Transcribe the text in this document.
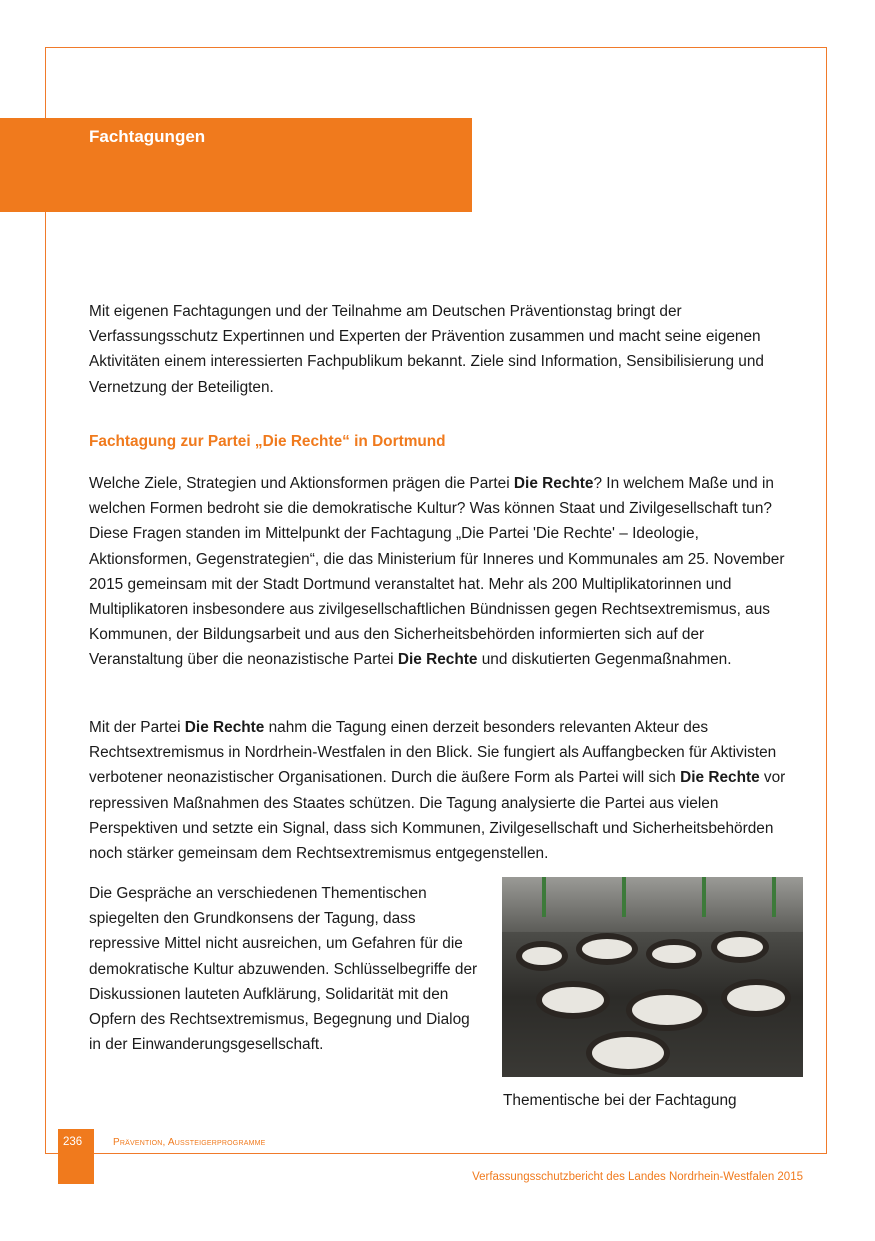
Fachtagungen

Mit eigenen Fachtagungen und der Teilnahme am Deutschen Präventionstag bringt der Verfassungsschutz Expertinnen und Experten der Prävention zusammen und macht seine eigenen Aktivitäten einem interessierten Fachpublikum bekannt. Ziele sind Information, Sensibilisierung und Vernetzung der Beteiligten.

Fachtagung zur Partei „Die Rechte“ in Dortmund

Welche Ziele, Strategien und Aktionsformen prägen die Partei Die Rechte? In welchem Maße und in welchen Formen bedroht sie die demokratische Kultur? Was können Staat und Zivilgesellschaft tun? Diese Fragen standen im Mittelpunkt der Fachtagung „Die Partei 'Die Rechte' – Ideologie, Aktionsformen, Gegenstrategien“, die das Ministerium für Inneres und Kommunales am 25. November 2015 gemeinsam mit der Stadt Dortmund veranstaltet hat. Mehr als 200 Multiplikatorinnen und Multiplikatoren insbesondere aus zivilgesellschaftlichen Bündnissen gegen Rechtsextremismus, aus Kommunen, der Bildungsarbeit und aus den Sicherheitsbehörden informierten sich auf der Veranstaltung über die neonazistische Partei Die Rechte und diskutierten Gegenmaßnahmen.

Mit der Partei Die Rechte nahm die Tagung einen derzeit besonders relevanten Akteur des Rechtsextremismus in Nordrhein-Westfalen in den Blick. Sie fungiert als Auffangbecken für Aktivisten verbotener neonazistischer Organisationen. Durch die äußere Form als Partei will sich Die Rechte vor repressiven Maßnahmen des Staates schützen. Die Tagung analysierte die Partei aus vielen Perspektiven und setzte ein Signal, dass sich Kommunen, Zivilgesellschaft und Sicherheitsbehörden noch stärker gemeinsam dem Rechtsextremismus entgegenstellen.

Die Gespräche an verschiedenen Thementischen spiegelten den Grundkonsens der Tagung, dass repressive Mittel nicht ausreichen, um Gefahren für die demokratische Kultur abzuwenden. Schlüsselbegriffe der Diskussionen lauteten Aufklärung, Solidarität mit den Opfern des Rechtsextremismus, Begegnung und Dialog in der Einwanderungsgesellschaft.

Thementische bei der Fachtagung
236	Prävention, Aussteigerprogramme
Verfassungsschutzbericht des Landes Nordrhein-Westfalen 2015
